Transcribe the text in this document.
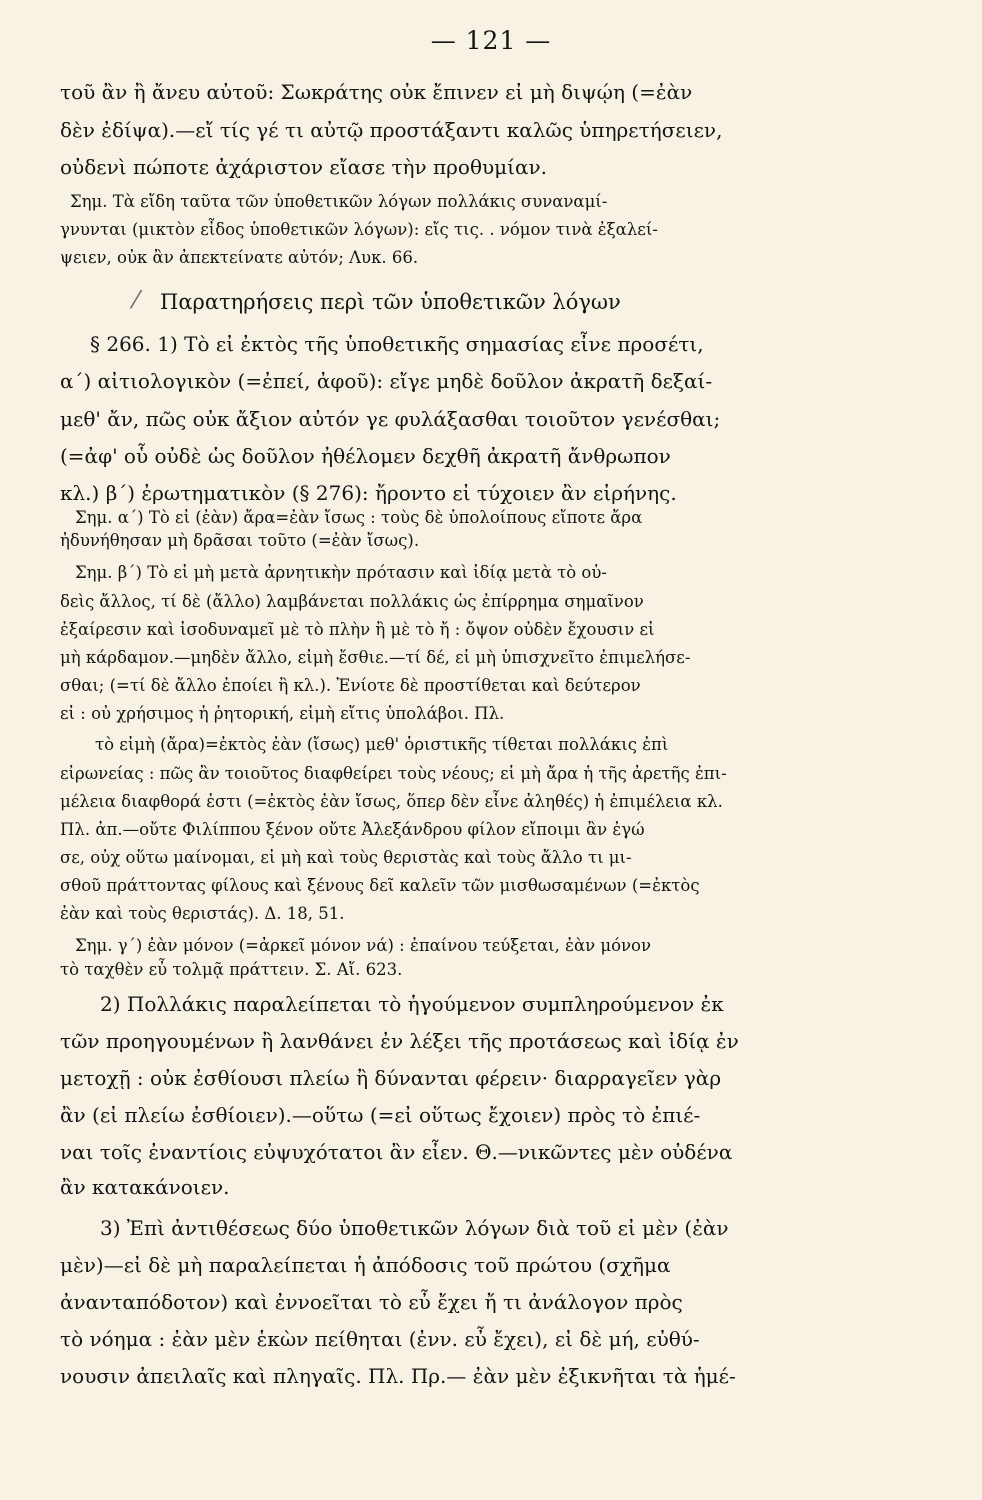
— 121 —
τοῦ ἂν ἢ ἄνευ αὐτοῦ: Σωκράτης οὐκ ἔπινεν εἰ μὴ διψῴη (=ἐὰν
δὲν ἐδίψα).—εἴ τίς γέ τι αὐτῷ προστάξαντι καλῶς ὑπηρετήσειεν,
οὐδενὶ πώποτε ἀχάριστον εἴασε τὴν προθυμίαν.
Σημ. Τὰ εἴδη ταῦτα τῶν ὑποθετικῶν λόγων πολλάκις συναναμί-
γνυνται (μικτὸν εἶδος ὑποθετικῶν λόγων): εἴς τις. . νόμον τινὰ ἐξαλεί-
ψειεν, οὐκ ἂν ἀπεκτείνατε αὐτόν; Λυκ. 66.
⁄ Παρατηρήσεις περὶ τῶν ὑποθετικῶν λόγων
§ 266. 1) Τὸ εἰ ἐκτὸς τῆς ὑποθετικῆς σημασίας εἶνε προσέτι,
α΄) αἰτιολογικὸν (=ἐπεί, ἀφοῦ): εἴγε μηδὲ δοῦλον ἀκρατῆ δεξαί-
μεθ' ἄν, πῶς οὐκ ἄξιον αὐτόν γε φυλάξασθαι τοιοῦτον γενέσθαι;
(=ἀφ' οὗ οὐδὲ ὡς δοῦλον ἠθέλομεν δεχθῆ ἀκρατῆ ἄνθρωπον
κλ.) β΄) ἐρωτηματικὸν (§ 276): ἤροντο εἰ τύχοιεν ἂν εἰρήνης.
Σημ. α΄) Τὸ εἰ (ἐὰν) ἄρα=ἐὰν ἴσως : τοὺς δὲ ὑπολοίπους εἴποτε ἄρα
ἠδυνήθησαν μὴ δρᾶσαι τοῦτο (=ἐὰν ἴσως).
Σημ. β΄) Τὸ εἰ μὴ μετὰ ἀρνητικὴν πρότασιν καὶ ἰδίᾳ μετὰ τὸ οὐ-
δεὶς ἄλλος, τί δὲ (ἄλλο) λαμβάνεται πολλάκις ὡς ἐπίρρημα σημαῖνον
ἐξαίρεσιν καὶ ἰσοδυναμεῖ μὲ τὸ πλὴν ἢ μὲ τὸ ἤ : ὄψον οὐδὲν ἔχουσιν εἰ
μὴ κάρδαμον.—μηδὲν ἄλλο, εἰμὴ ἔσθιε.—τί δέ, εἰ μὴ ὑπισχνεῖτο ἐπιμελήσε-
σθαι; (=τί δὲ ἄλλο ἐποίει ἢ κλ.). Ἐνίοτε δὲ προστίθεται καὶ δεύτερον
εἰ : οὐ χρήσιμος ἡ ῥητορική, εἰμὴ εἴτις ὑπολάβοι. Πλ.
τὸ εἰμὴ (ἄρα)=ἐκτὸς ἐὰν (ἴσως) μεθ' ὁριστικῆς τίθεται πολλάκις ἐπὶ
εἰρωνείας : πῶς ἂν τοιοῦτος διαφθείρει τοὺς νέους; εἰ μὴ ἄρα ἡ τῆς ἀρετῆς ἐπι-
μέλεια διαφθορά ἐστι (=ἐκτὸς ἐὰν ἴσως, ὅπερ δὲν εἶνε ἀληθές) ἡ ἐπιμέλεια κλ.
Πλ. ἀπ.—οὔτε Φιλίππου ξένον οὔτε Ἀλεξάνδρου φίλον εἴποιμι ἂν ἐγώ
σε, οὐχ οὕτω μαίνομαι, εἰ μὴ καὶ τοὺς θεριστὰς καὶ τοὺς ἄλλο τι μι-
σθοῦ πράττοντας φίλους καὶ ξένους δεῖ καλεῖν τῶν μισθωσαμένων (=ἐκτὸς
ἐὰν καὶ τοὺς θεριστάς). Δ. 18, 51.
Σημ. γ΄) ἐὰν μόνον (=ἀρκεῖ μόνον νά) : ἐπαίνου τεύξεται, ἐὰν μόνον
τὸ ταχθὲν εὖ τολμᾷ πράττειν. Σ. Αἴ. 623.
2) Πολλάκις παραλείπεται τὸ ἡγούμενον συμπληρούμενον ἐκ
τῶν προηγουμένων ἢ λανθάνει ἐν λέξει τῆς προτάσεως καὶ ἰδίᾳ ἐν
μετοχῇ : οὐκ ἐσθίουσι πλείω ἢ δύνανται φέρειν· διαρραγεῖεν γὰρ
ἂν (εἰ πλείω ἐσθίοιεν).—οὕτω (=εἰ οὕτως ἔχοιεν) πρὸς τὸ ἐπιέ-
ναι τοῖς ἐναντίοις εὐψυχότατοι ἂν εἶεν. Θ.—νικῶντες μὲν οὐδένα
ἂν κατακάνοιεν.
3) Ἐπὶ ἀντιθέσεως δύο ὑποθετικῶν λόγων διὰ τοῦ εἰ μὲν (ἐὰν
μὲν)—εἰ δὲ μὴ παραλείπεται ἡ ἀπόδοσις τοῦ πρώτου (σχῆμα
ἀνανταπόδοτον) καὶ ἐννοεῖται τὸ εὖ ἔχει ἤ τι ἀνάλογον πρὸς
τὸ νόημα : ἐὰν μὲν ἑκὼν πείθηται (ἐνν. εὖ ἔχει), εἰ δὲ μή, εὐθύ-
νουσιν ἀπειλαῖς καὶ πληγαῖς. Πλ. Πρ.— ἐὰν μὲν ἐξικνῆται τὰ ἡμέ-
